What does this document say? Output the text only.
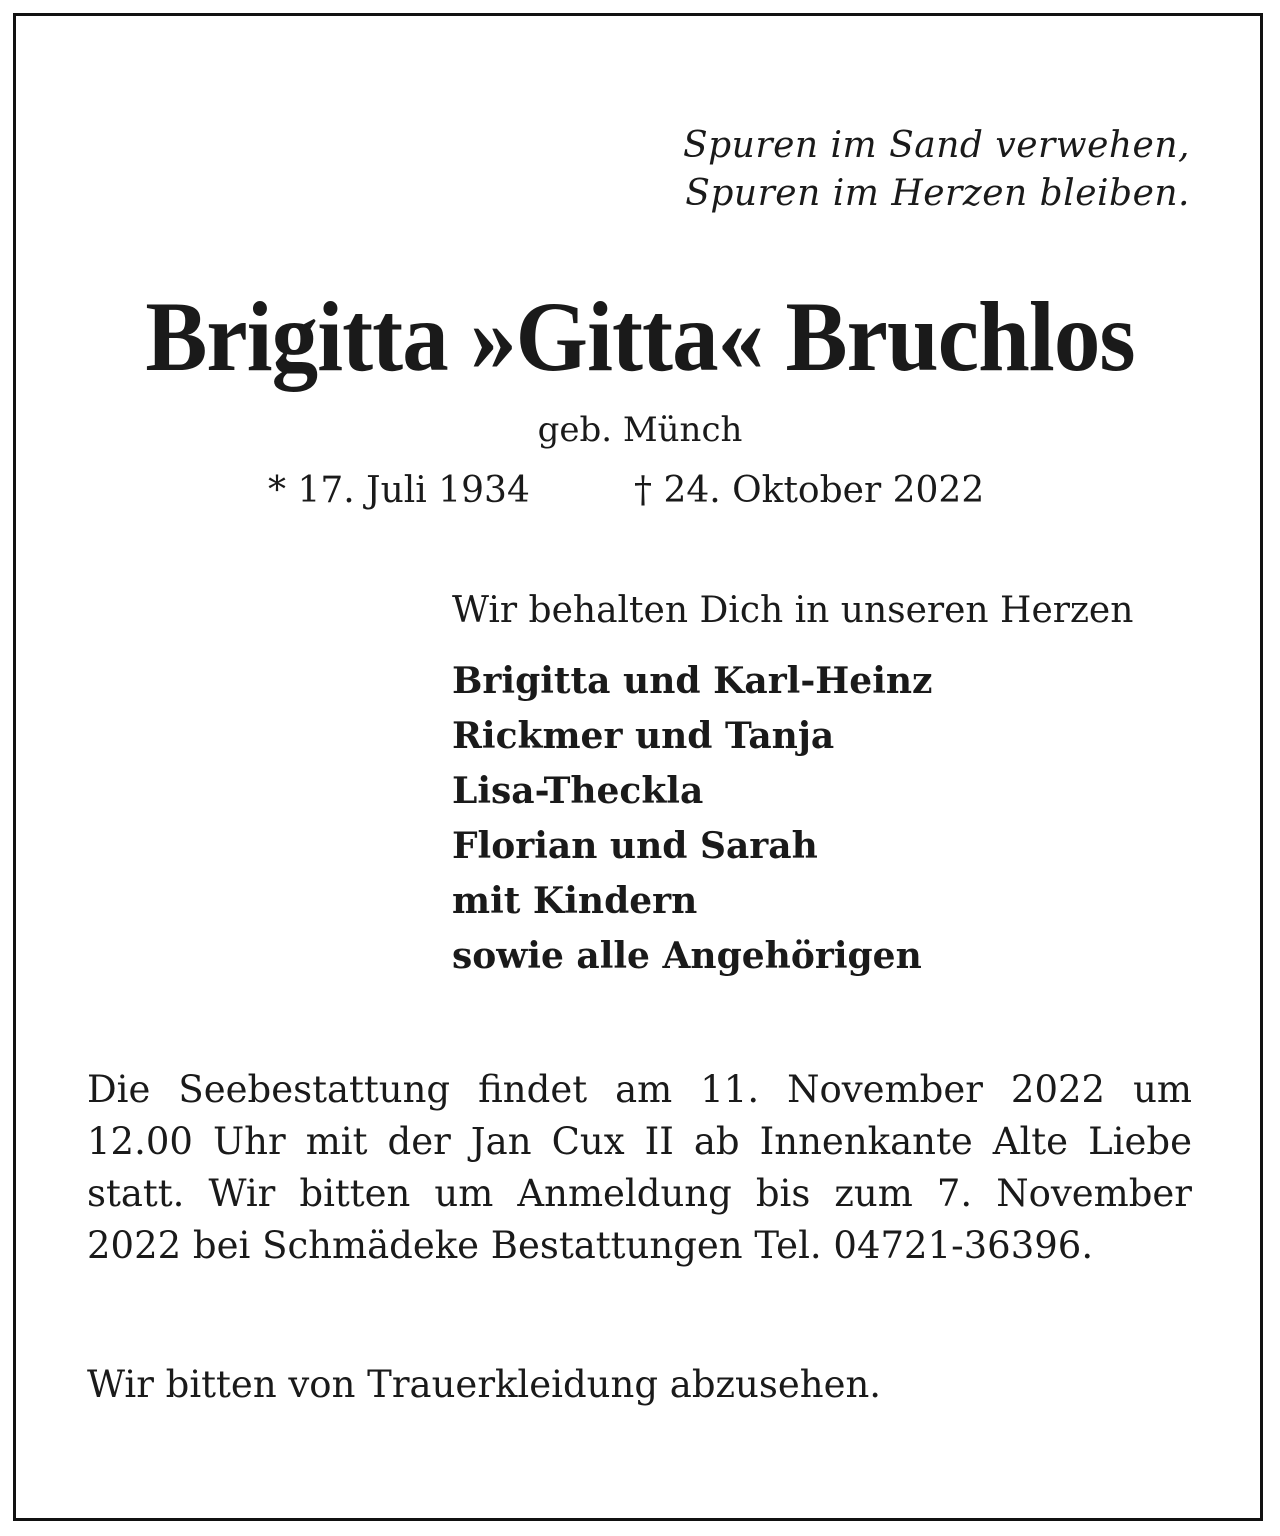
Spuren im Sand verwehen,
Spuren im Herzen bleiben.
Brigitta »Gitta« Bruchlos
geb. Münch
* 17. Juli 1934	† 24. Oktober 2022
Wir behalten Dich in unseren Herzen
Brigitta und Karl-Heinz
Rickmer und Tanja
Lisa-Theckla
Florian und Sarah
mit Kindern
sowie alle Angehörigen
Die Seebestattung findet am 11. November 2022 um 12.00 Uhr mit der Jan Cux II ab Innenkante Alte Liebe statt. Wir bitten um Anmeldung bis zum 7. November 2022 bei Schmädeke Bestattungen Tel. 04721-36396.
Wir bitten von Trauerkleidung abzusehen.
